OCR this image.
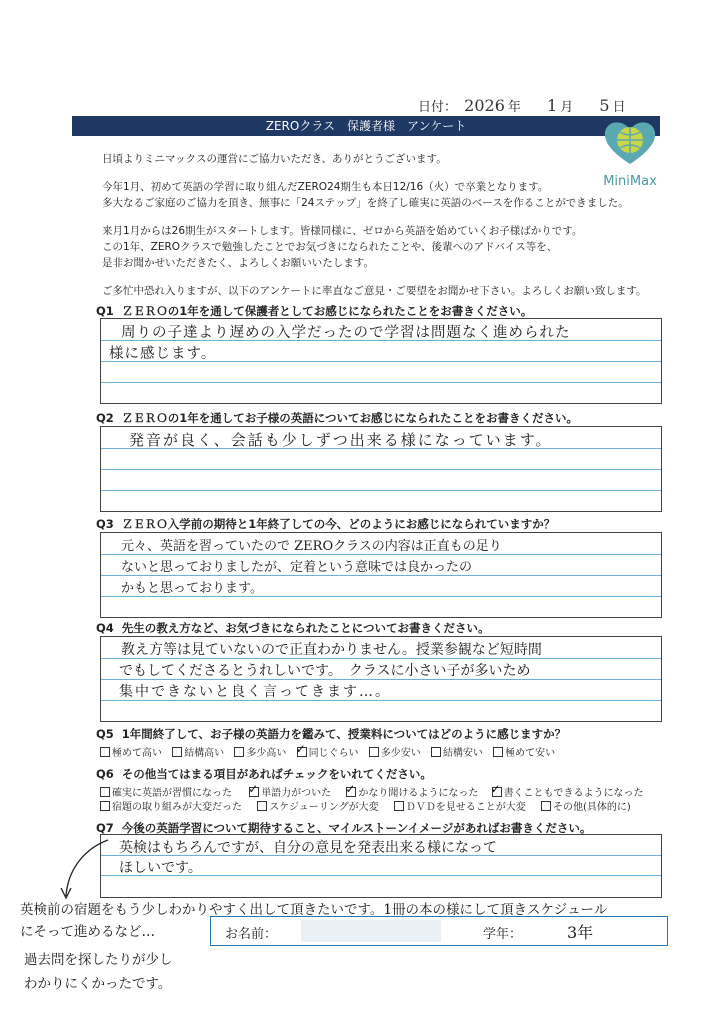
日付： 2026 年 1 月 5 日
ZEROクラス　保護者様　アンケート
MiniMax
日頃よりミニマックスの運営にご協力いただき、ありがとうございます。
今年1月、初めて英語の学習に取り組んだZERO24期生も本日12/16（火）で卒業となります。
多大なるご家庭のご協力を頂き、無事に「24ステップ」を終了し確実に英語のベースを作ることができました。
来月1月からは26期生がスタートします。皆様同様に、ゼロから英語を始めていくお子様ばかりです。
この1年、ZEROクラスで勉強したことでお気づきになられたことや、後輩へのアドバイス等を、
是非お聞かせいただきたく、よろしくお願いいたします。
ご多忙中恐れ入りますが、以下のアンケートに率直なご意見・ご要望をお聞かせ下さい。よろしくお願い致します。
Q1 ＺＥＲＯの1年を通して保護者としてお感じになられたことをお書きください。
周りの子達より遅めの入学だったので学習は問題なく進められた
様に感じます。
Q2 ＺＥＲＯの1年を通してお子様の英語についてお感じになられたことをお書きください。
発音が良く、会話も少しずつ出来る様になっています。
Q3 ＺＥＲＯ入学前の期待と1年終了しての今、どのようにお感じになられていますか？
元々、英語を習っていたので ZEROクラスの内容は正直もの足り
ないと思っておりましたが、定着という意味では良かったの
かもと思っております。
Q4 先生の教え方など、お気づきになられたことについてお書きください。
教え方等は見ていないので正直わかりません。授業参観など短時間
でもしてくださるとうれしいです。　クラスに小さい子が多いため
集中できないと良く言ってきます…。
Q5 1年間終了して、お子様の英語力を鑑みて、授業料についてはどのように感じますか？
極めて高い 結構高い 多少高い ✓ 同じぐらい 多少安い 結構安い 極めて安い
Q6 その他当てはまる項目があればチェックをいれてください。
確実に英語が習慣になった ✓	単語力がついた ✓	かなり聞けるようになった ✓	書くこともできるようになった
宿題の取り組みが大変だった	スケジューリングが大変	ＤＶＤを見せることが大変	その他(具体的に)
Q7 今後の英語学習について期待すること、マイルストーンイメージがあればお書きください。
英検はもちろんですが、自分の意見を発表出来る様になって
ほしいです。
英検前の宿題をもう少しわかりやすく出して頂きたいです。1冊の本の様にして頂きスケジュール
にそって進めるなど…
過去問を探したりが少し
わかりにくかったです。
お名前：	学年：	3年
